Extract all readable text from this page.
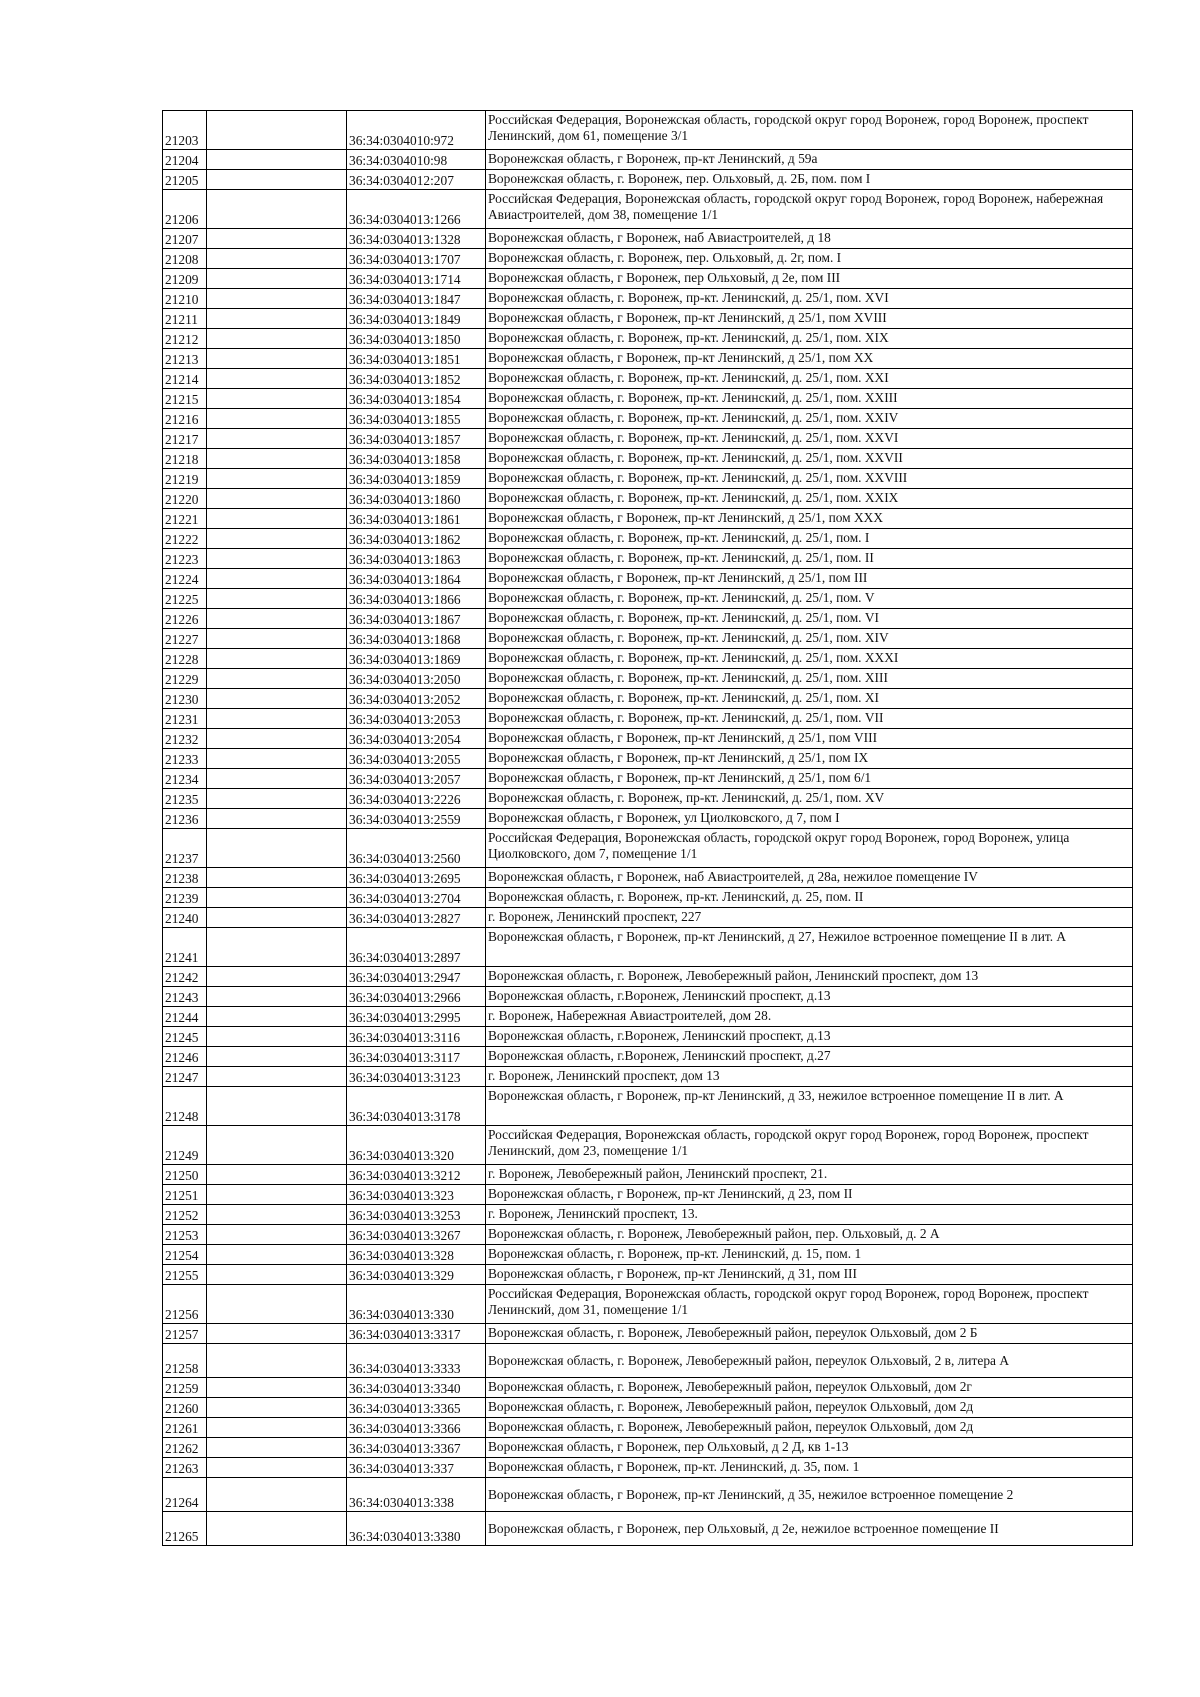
21203		36:34:0304010:972	Российская Федерация, Воронежская область, городской округ город Воронеж, город Воронеж, проспект Ленинский, дом 61, помещение 3/1
21204		36:34:0304010:98	Воронежская область, г Воронеж, пр-кт Ленинский, д 59а
21205		36:34:0304012:207	Воронежская область, г. Воронеж, пер. Ольховый, д. 2Б, пом. пом I
21206		36:34:0304013:1266	Российская Федерация, Воронежская область, городской округ город Воронеж, город Воронеж, набережная Авиастроителей, дом 38, помещение 1/1
21207		36:34:0304013:1328	Воронежская область, г Воронеж, наб Авиастроителей, д 18
21208		36:34:0304013:1707	Воронежская область, г. Воронеж, пер. Ольховый, д. 2г, пом. I
21209		36:34:0304013:1714	Воронежская область, г Воронеж, пер Ольховый, д 2е, пом III
21210		36:34:0304013:1847	Воронежская область, г. Воронеж, пр-кт. Ленинский, д. 25/1, пом. XVI
21211		36:34:0304013:1849	Воронежская область, г Воронеж, пр-кт Ленинский, д 25/1, пом XVIII
21212		36:34:0304013:1850	Воронежская область, г. Воронеж, пр-кт. Ленинский, д. 25/1, пом. XIX
21213		36:34:0304013:1851	Воронежская область, г Воронеж, пр-кт Ленинский, д 25/1, пом XX
21214		36:34:0304013:1852	Воронежская область, г. Воронеж, пр-кт. Ленинский, д. 25/1, пом. XXI
21215		36:34:0304013:1854	Воронежская область, г. Воронеж, пр-кт. Ленинский, д. 25/1, пом. XXIII
21216		36:34:0304013:1855	Воронежская область, г. Воронеж, пр-кт. Ленинский, д. 25/1, пом. XXIV
21217		36:34:0304013:1857	Воронежская область, г. Воронеж, пр-кт. Ленинский, д. 25/1, пом. XXVI
21218		36:34:0304013:1858	Воронежская область, г. Воронеж, пр-кт. Ленинский, д. 25/1, пом. XXVII
21219		36:34:0304013:1859	Воронежская область, г. Воронеж, пр-кт. Ленинский, д. 25/1, пом. XXVIII
21220		36:34:0304013:1860	Воронежская область, г. Воронеж, пр-кт. Ленинский, д. 25/1, пом. XXIX
21221		36:34:0304013:1861	Воронежская область, г Воронеж, пр-кт Ленинский, д 25/1, пом XXX
21222		36:34:0304013:1862	Воронежская область, г. Воронеж, пр-кт. Ленинский, д. 25/1, пом. I
21223		36:34:0304013:1863	Воронежская область, г. Воронеж, пр-кт. Ленинский, д. 25/1, пом. II
21224		36:34:0304013:1864	Воронежская область, г Воронеж, пр-кт Ленинский, д 25/1, пом III
21225		36:34:0304013:1866	Воронежская область, г. Воронеж, пр-кт. Ленинский, д. 25/1, пом. V
21226		36:34:0304013:1867	Воронежская область, г. Воронеж, пр-кт. Ленинский, д. 25/1, пом. VI
21227		36:34:0304013:1868	Воронежская область, г. Воронеж, пр-кт. Ленинский, д. 25/1, пом. XIV
21228		36:34:0304013:1869	Воронежская область, г. Воронеж, пр-кт. Ленинский, д. 25/1, пом. XXXI
21229		36:34:0304013:2050	Воронежская область, г. Воронеж, пр-кт. Ленинский, д. 25/1, пом. XIII
21230		36:34:0304013:2052	Воронежская область, г. Воронеж, пр-кт. Ленинский, д. 25/1, пом. XI
21231		36:34:0304013:2053	Воронежская область, г. Воронеж, пр-кт. Ленинский, д. 25/1, пом. VII
21232		36:34:0304013:2054	Воронежская область, г Воронеж, пр-кт Ленинский, д 25/1, пом VIII
21233		36:34:0304013:2055	Воронежская область, г Воронеж, пр-кт Ленинский, д 25/1, пом IX
21234		36:34:0304013:2057	Воронежская область, г Воронеж, пр-кт Ленинский, д 25/1, пом 6/1
21235		36:34:0304013:2226	Воронежская область, г. Воронеж, пр-кт. Ленинский, д. 25/1, пом. XV
21236		36:34:0304013:2559	Воронежская область, г Воронеж, ул Циолковского, д 7, пом I
21237		36:34:0304013:2560	Российская Федерация, Воронежская область, городской округ город Воронеж, город Воронеж, улица Циолковского, дом 7, помещение 1/1
21238		36:34:0304013:2695	Воронежская область, г Воронеж, наб Авиастроителей, д 28а, нежилое помещение IV
21239		36:34:0304013:2704	Воронежская область, г. Воронеж, пр-кт. Ленинский, д. 25, пом. II
21240		36:34:0304013:2827	г. Воронеж, Ленинский проспект, 227
21241		36:34:0304013:2897	Воронежская область, г Воронеж, пр-кт Ленинский, д 27, Нежилое встроенное помещение II в лит. А
21242		36:34:0304013:2947	Воронежская область, г. Воронеж, Левобережный район, Ленинский проспект, дом 13
21243		36:34:0304013:2966	Воронежская область, г.Воронеж, Ленинский проспект, д.13
21244		36:34:0304013:2995	г. Воронеж, Набережная Авиастроителей, дом 28.
21245		36:34:0304013:3116	Воронежская область, г.Воронеж, Ленинский проспект, д.13
21246		36:34:0304013:3117	Воронежская область, г.Воронеж, Ленинский проспект, д.27
21247		36:34:0304013:3123	г. Воронеж, Ленинский проспект, дом 13
21248		36:34:0304013:3178	Воронежская область, г Воронеж, пр-кт Ленинский, д 33, нежилое встроенное помещение II в лит. А
21249		36:34:0304013:320	Российская Федерация, Воронежская область, городской округ город Воронеж, город Воронеж, проспект Ленинский, дом 23, помещение 1/1
21250		36:34:0304013:3212	г. Воронеж, Левобережный район, Ленинский проспект, 21.
21251		36:34:0304013:323	Воронежская область, г Воронеж, пр-кт Ленинский, д 23, пом II
21252		36:34:0304013:3253	г. Воронеж, Ленинский проспект, 13.
21253		36:34:0304013:3267	Воронежская область, г. Воронеж, Левобережный район, пер. Ольховый, д. 2 А
21254		36:34:0304013:328	Воронежская область, г. Воронеж, пр-кт. Ленинский, д. 15, пом. 1
21255		36:34:0304013:329	Воронежская область, г Воронеж, пр-кт Ленинский, д 31, пом III
21256		36:34:0304013:330	Российская Федерация, Воронежская область, городской округ город Воронеж, город Воронеж, проспект Ленинский, дом 31, помещение 1/1
21257		36:34:0304013:3317	Воронежская область, г. Воронеж, Левобережный район, переулок Ольховый, дом 2 Б
21258		36:34:0304013:3333	Воронежская область, г. Воронеж, Левобережный район, переулок Ольховый, 2 в, литера А
21259		36:34:0304013:3340	Воронежская область, г. Воронеж, Левобережный район, переулок Ольховый, дом 2г
21260		36:34:0304013:3365	Воронежская область, г. Воронеж, Левобережный район, переулок Ольховый, дом 2д
21261		36:34:0304013:3366	Воронежская область, г. Воронеж, Левобережный район, переулок Ольховый, дом 2д
21262		36:34:0304013:3367	Воронежская область, г Воронеж, пер Ольховый, д 2 Д, кв 1-13
21263		36:34:0304013:337	Воронежская область, г Воронеж, пр-кт. Ленинский, д. 35, пом. 1
21264		36:34:0304013:338	Воронежская область, г Воронеж, пр-кт Ленинский, д 35, нежилое встроенное помещение 2
21265		36:34:0304013:3380	Воронежская область, г Воронеж, пер Ольховый, д 2е, нежилое встроенное помещение II
